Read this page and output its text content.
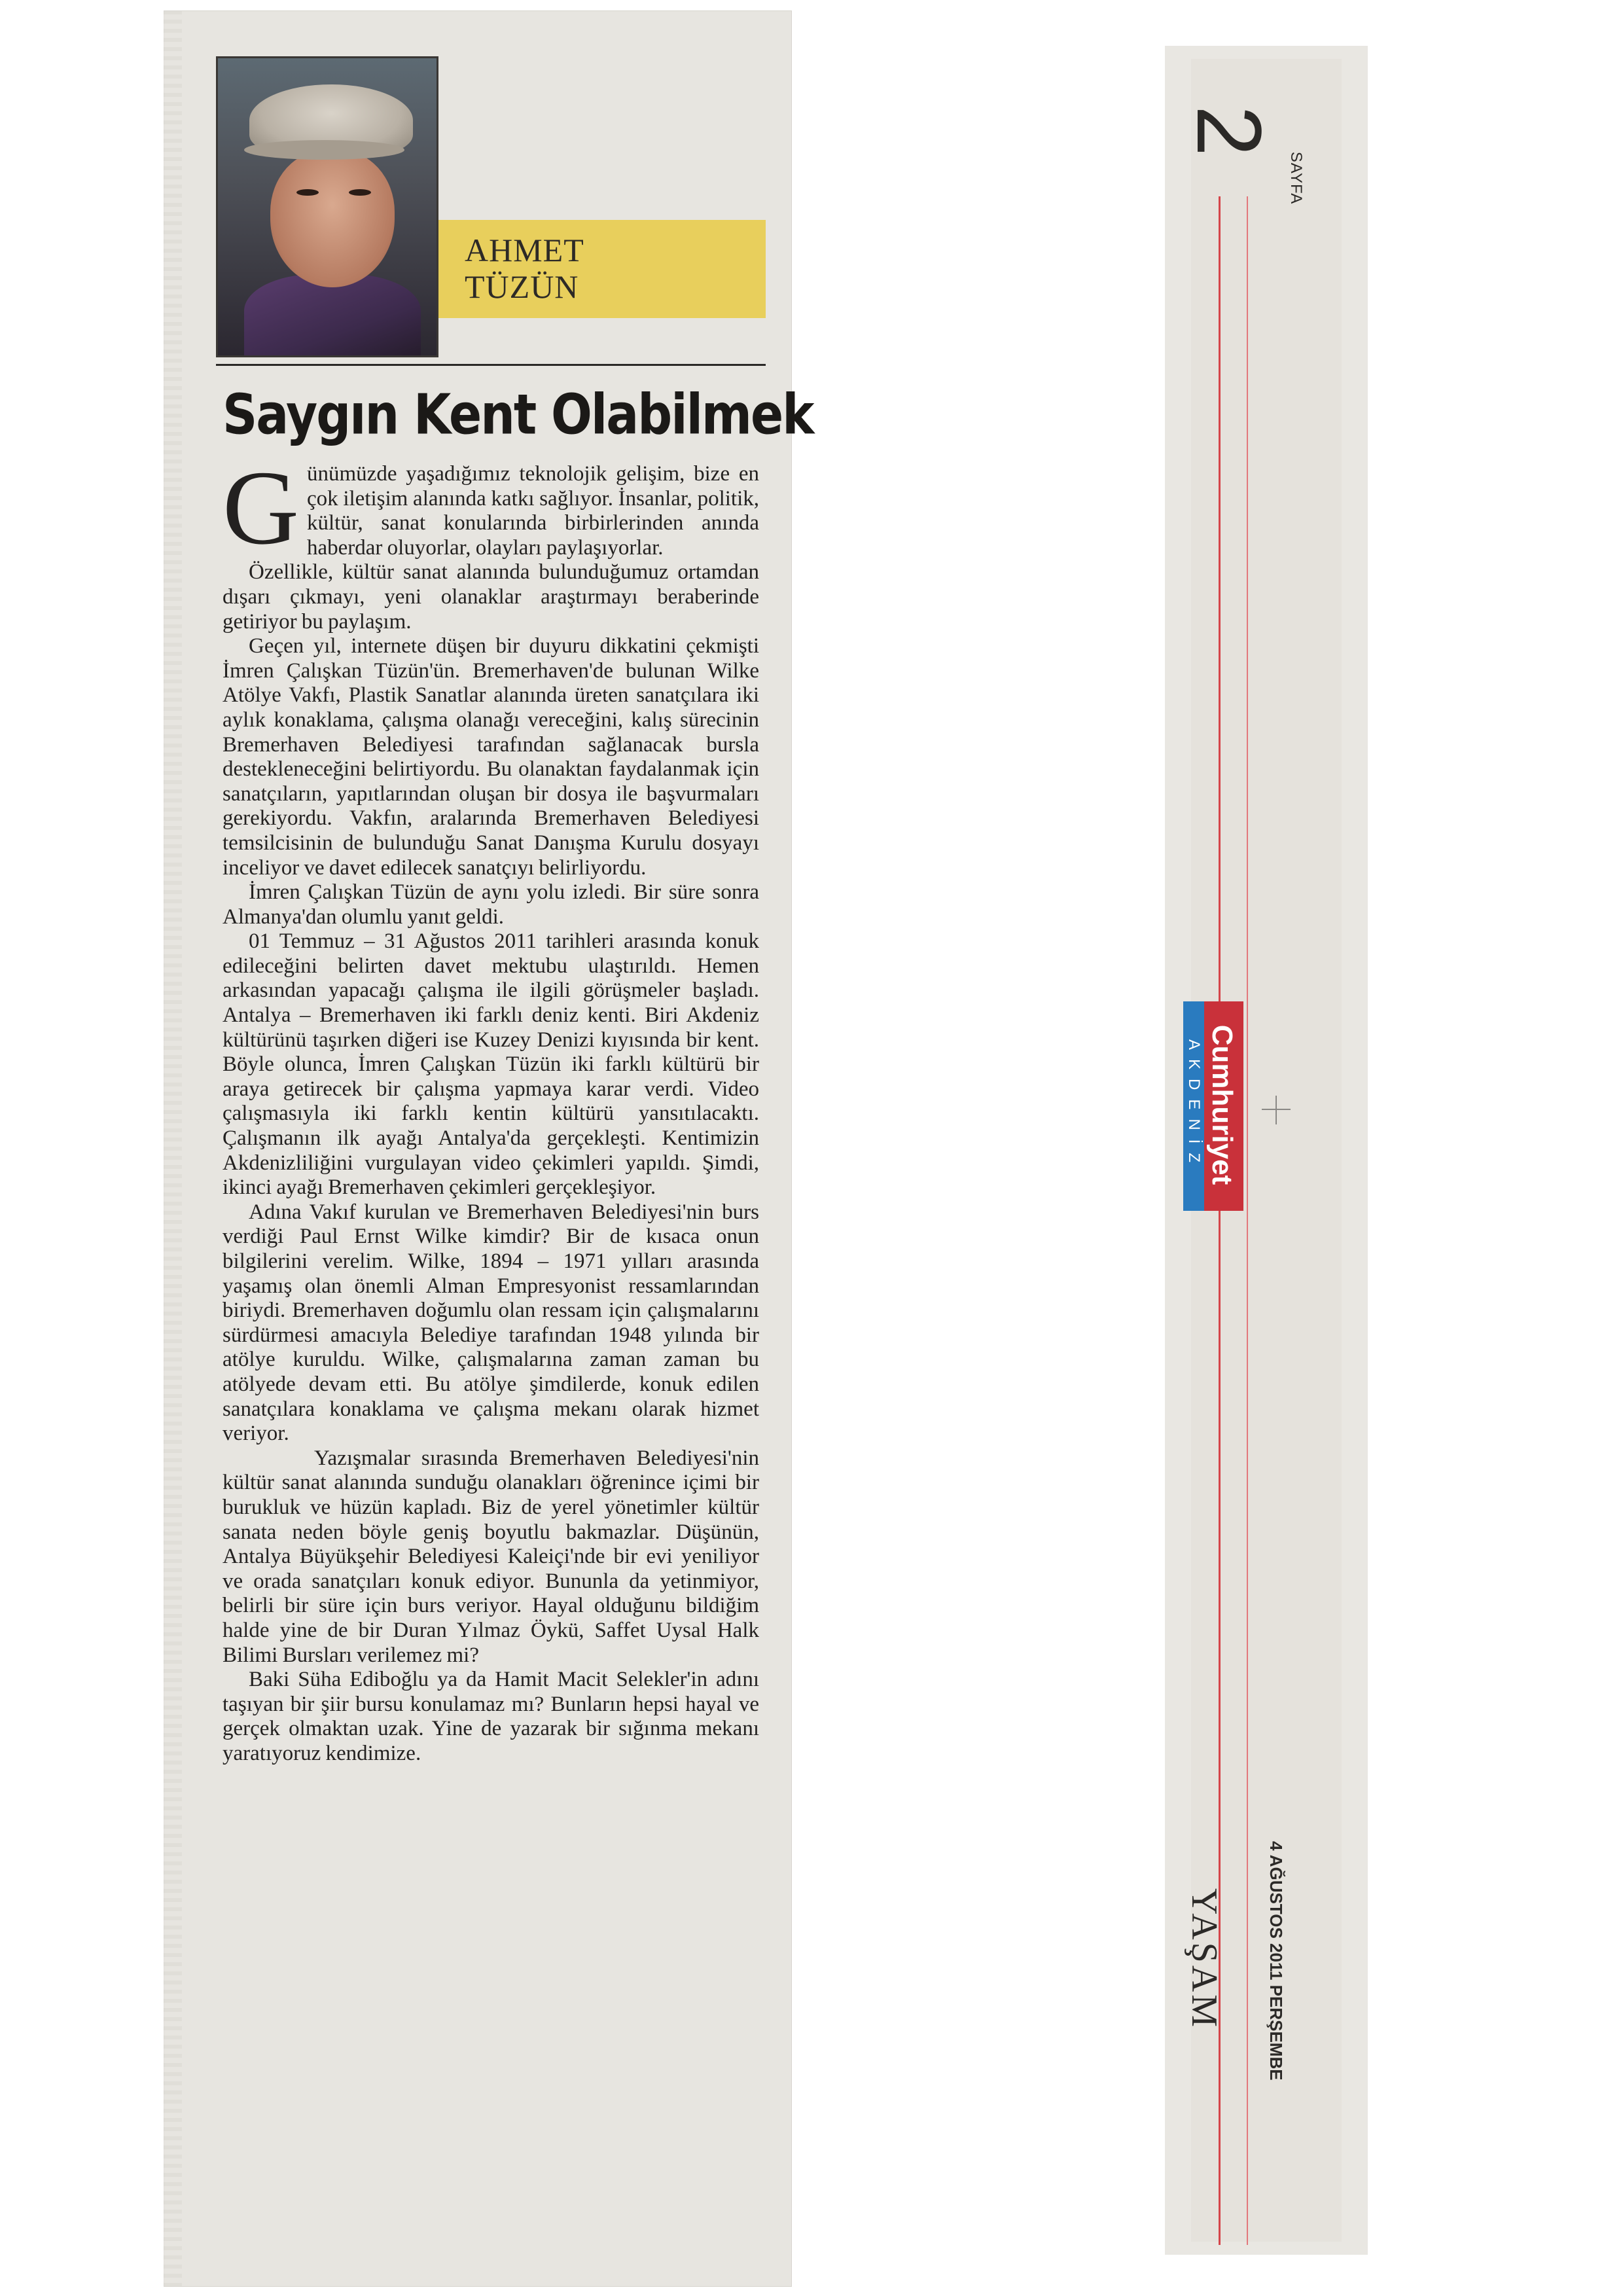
AHMET
TÜZÜN
Saygın Kent Olabilmek

Günümüzde yaşadığımız teknolojik gelişim, bize en çok iletişim alanında katkı sağlıyor. İnsanlar, politik, kültür, sanat konularında birbirlerinden anında haberdar oluyorlar, olayları paylaşıyorlar.

Özellikle, kültür sanat alanında bulunduğumuz ortamdan dışarı çıkmayı, yeni olanaklar araştırmayı beraberinde getiriyor bu paylaşım.

Geçen yıl, internete düşen bir duyuru dikkatini çekmişti İmren Çalışkan Tüzün'ün. Bremerhaven'de bulunan Wilke Atölye Vakfı, Plastik Sanatlar alanında üreten sanatçılara iki aylık konaklama, çalışma olanağı vereceğini, kalış sürecinin Bremerhaven Belediyesi tarafından sağlanacak bursla destekleneceğini belirtiyordu. Bu olanaktan faydalanmak için sanatçıların, yapıtlarından oluşan bir dosya ile başvurmaları gerekiyordu. Vakfın, aralarında Bremerhaven Belediyesi temsilcisinin de bulunduğu Sanat Danışma Kurulu dosyayı inceliyor ve davet edilecek sanatçıyı belirliyordu.

İmren Çalışkan Tüzün de aynı yolu izledi. Bir süre sonra Almanya'dan olumlu yanıt geldi.

01 Temmuz – 31 Ağustos 2011 tarihleri arasında konuk edileceğini belirten davet mektubu ulaştırıldı. Hemen arkasından yapacağı çalışma ile ilgili görüşmeler başladı. Antalya – Bremerhaven iki farklı deniz kenti. Biri Akdeniz kültürünü taşırken diğeri ise Kuzey Denizi kıyısında bir kent. Böyle olunca, İmren Çalışkan Tüzün iki farklı kültürü bir araya getirecek bir çalışma yapmaya karar verdi. Video çalışmasıyla iki farklı kentin kültürü yansıtılacaktı. Çalışmanın ilk ayağı Antalya'da gerçekleşti. Kentimizin Akdenizliliğini vurgulayan video çekimleri yapıldı. Şimdi, ikinci ayağı Bremerhaven çekimleri gerçekleşiyor.

Adına Vakıf kurulan ve Bremerhaven Belediyesi'nin burs verdiği Paul Ernst Wilke kimdir? Bir de kısaca onun bilgilerini verelim. Wilke, 1894 – 1971 yılları arasında yaşamış olan önemli Alman Empresyonist ressamlarından biriydi. Bremerhaven doğumlu olan ressam için çalışmalarını sürdürmesi amacıyla Belediye tarafından 1948 yılında bir atölye kuruldu. Wilke, çalışmalarına zaman zaman bu atölyede devam etti. Bu atölye şimdilerde, konuk edilen sanatçılara konaklama ve çalışma mekanı olarak hizmet veriyor.

Yazışmalar sırasında Bremerhaven Belediyesi'nin kültür sanat alanında sunduğu olanakları öğrenince içimi bir burukluk ve hüzün kapladı. Biz de yerel yönetimler kültür sanata neden böyle geniş boyutlu bakmazlar. Düşünün, Antalya Büyükşehir Belediyesi Kaleiçi'nde bir evi yeniliyor ve orada sanatçıları konuk ediyor. Bununla da yetinmiyor, belirli bir süre için burs veriyor. Hayal olduğunu bildiğim halde yine de bir Duran Yılmaz Öykü, Saffet Uysal Halk Bilimi Bursları verilemez mi?

Baki Süha Ediboğlu ya da Hamit Macit Selekler'in adını taşıyan bir şiir bursu konulamaz mı? Bunların hepsi hayal ve gerçek olmaktan uzak. Yine de yazarak bir sığınma mekanı yaratıyoruz kendimize.

2
SAYFA
Cumhuriyet
AKDENİZ
4 AĞUSTOS 2011 PERŞEMBE
YAŞAM
